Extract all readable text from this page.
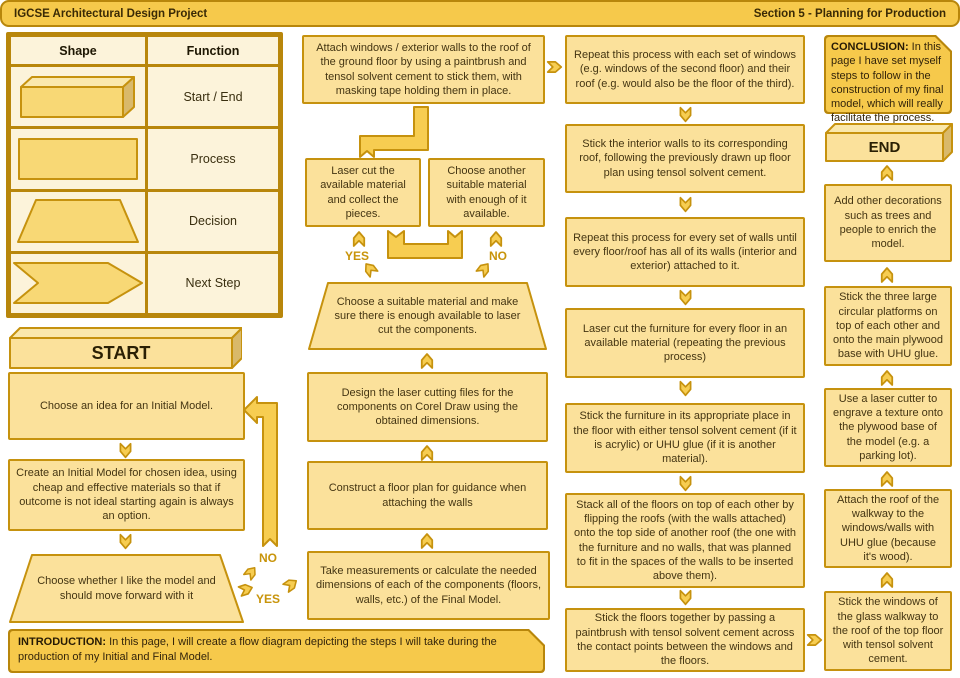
IGCSE Architectural Design Project	Section 5 - Planning for Production
Shape	Function
Start / End
Process
Decision
Next Step
START
Choose an idea for an Initial Model.
Create an Initial Model for chosen idea, using cheap and effective materials so that if outcome is not ideal starting again is always an option.
Choose whether I like the model and should move forward with it
NO
YES
INTRODUCTION: In this page, I will create a flow diagram depicting the steps I will take during the production of my Initial and Final Model.
Attach windows / exterior walls to the roof of the ground floor by using a paintbrush and tensol solvent cement to stick them, with masking tape holding them in place.
Laser cut the available material and collect the pieces.
Choose another suitable material with enough of it available.
YES	NO
Choose a suitable material and make sure there is enough available to laser cut the components.
Design the laser cutting files for the components on Corel Draw using the obtained dimensions.
Construct a floor plan for guidance when attaching the walls
Take measurements or calculate the needed dimensions of each of the components (floors, walls, etc.) of the Final Model.
Repeat this process with each set of windows (e.g. windows of the second floor) and their roof (e.g. would also be the floor of the third).
Stick the interior walls to its corresponding roof, following the previously drawn up floor plan using tensol solvent cement.
Repeat this process for every set of walls until every floor/roof has all of its walls (interior and exterior) attached to it.
Laser cut the furniture for every floor in an available material (repeating the previous process)
Stick the furniture in its appropriate place in the floor with either tensol solvent cement (if it is acrylic) or UHU glue (if it is another material).
Stack all of the floors on top of each other by flipping the roofs (with the walls attached) onto the top side of another roof (the one with the furniture and no walls, that was planned to fit in the spaces of the walls to be inserted above them).
Stick the floors together by passing a paintbrush with tensol solvent cement across the contact points between the windows and the floors.
CONCLUSION: In this page I have set myself steps to follow in the construction of my final model, which will really facilitate the process.
END
Add other decorations such as trees and people to enrich the model.
Stick the three large circular platforms on top of each other and onto the main plywood base with UHU glue.
Use a laser cutter to engrave a texture onto the plywood base of the model (e.g. a parking lot).
Attach the roof of the walkway to the windows/walls with UHU glue (because it's wood).
Stick the windows of the glass walkway to the roof of the top floor with tensol solvent cement.
